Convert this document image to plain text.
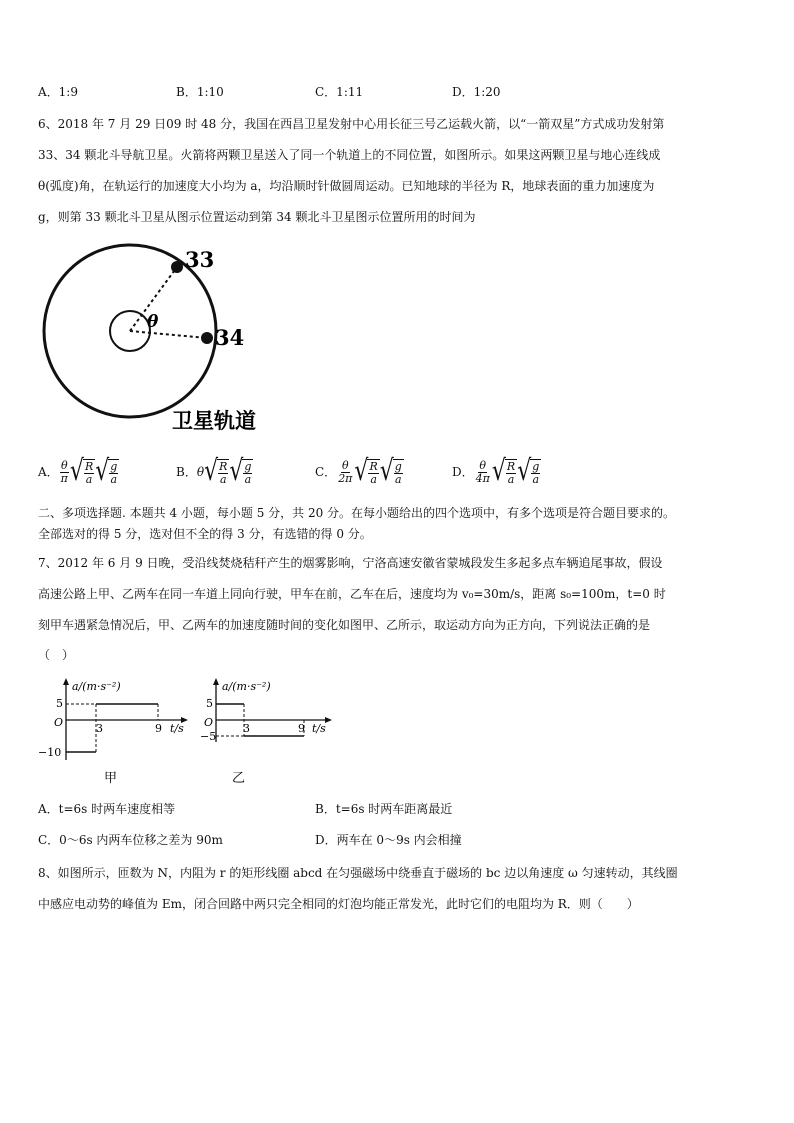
A．1:9	B．1:10	C．1:11	D．1:20
6、2018 年 7 月 29 日09 时 48 分，我国在西昌卫星发射中心用长征三号乙运载火箭，以“一箭双星”方式成功发射第
33、34 颗北斗导航卫星。火箭将两颗卫星送入了同一个轨道上的不同位置，如图所示。如果这两颗卫星与地心连线成
θ(弧度)角，在轨运行的加速度大小均为 a，均沿顺时针做圆周运动。已知地球的半径为 R，地球表面的重力加速度为
g，则第 33 颗北斗卫星从图示位置运动到第 34 颗北斗卫星图示位置所用的时间为
33
34
θ
卫星轨道
A． $\frac{\theta}{\pi}$ √ $\frac{R}{a}$ √ $\frac{g}{a}$	B． θ √ $\frac{R}{a}$ √ $\frac{g}{a}$	C． $\frac{\theta}{2\pi}$ √ $\frac{R}{a}$ √ $\frac{g}{a}$	D． $\frac{\theta}{4\pi}$ √ $\frac{R}{a}$ √ $\frac{g}{a}$
二、多项选择题. 本题共 4 小题，每小题 5 分，共 20 分。在每小题给出的四个选项中，有多个选项是符合题目要求的。
全部选对的得 5 分，选对但不全的得 3 分，有选错的得 0 分。
7、2012 年 6 月 9 日晚，受沿线焚烧秸秆产生的烟雾影响，宁洛高速安徽省蒙城段发生多起多点车辆追尾事故，假设
高速公路上甲、乙两车在同一车道上同向行驶，甲车在前，乙车在后，速度均为 v₀=30m/s，距离 s₀=100m，t=0 时
刻甲车遇紧急情况后，甲、乙两车的加速度随时间的变化如图甲、乙所示，取运动方向为正方向，下列说法正确的是
（　）
a/(m·s⁻²)
t/s
O
5
−10
3	9
甲
a/(m·s⁻²)
t/s
O
5
−5
3	9
乙
A．t=6s 时两车速度相等	B．t=6s 时两车距离最近
C．0～6s 内两车位移之差为 90m	D．两车在 0～9s 内会相撞
8、如图所示，匝数为 N，内阻为 r 的矩形线圈 abcd 在匀强磁场中绕垂直于磁场的 bc 边以角速度 ω 匀速转动，其线圈
中感应电动势的峰值为 Em，闭合回路中两只完全相同的灯泡均能正常发光，此时它们的电阻均为 R．则（　　）
